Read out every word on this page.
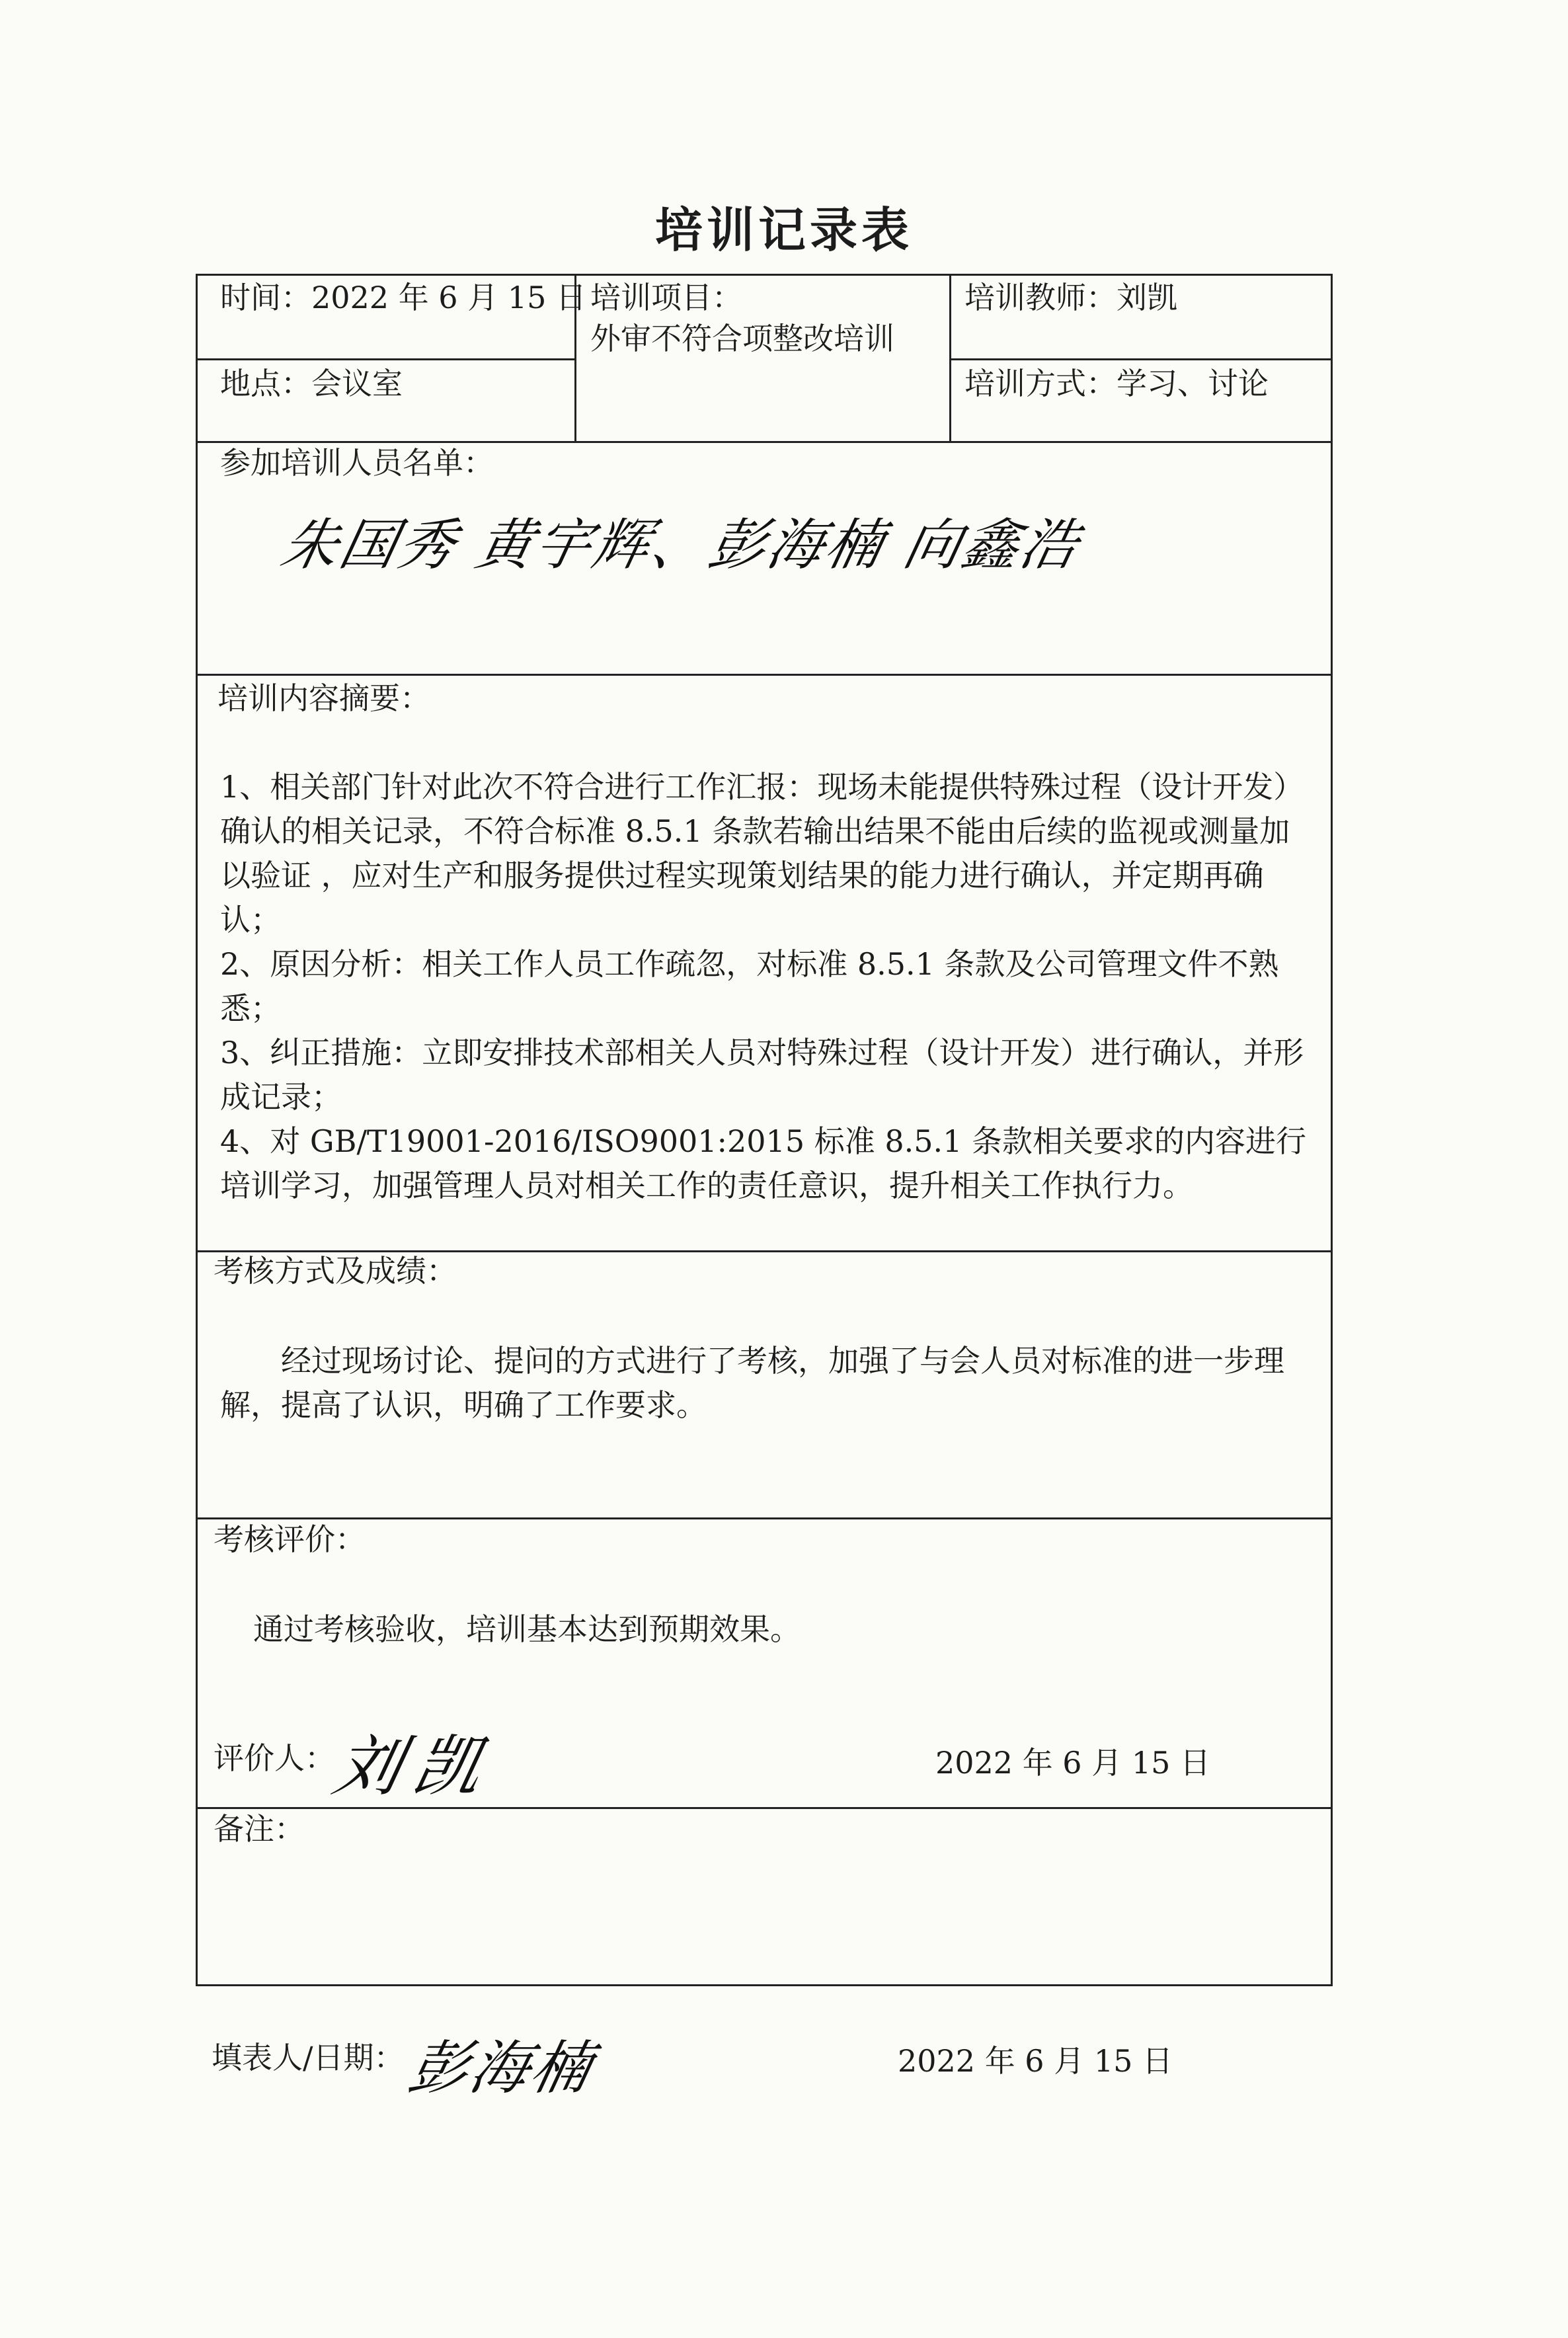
培训记录表
时间：2022 年 6 月 15 日 培训项目：
外审不符合项整改培训
培训教师：刘凯
地点：会议室	培训方式：学习、讨论
参加培训人员名单：
朱国秀 黄宇辉、彭海楠 向鑫浩
培训内容摘要：

1、相关部门针对此次不符合进行工作汇报：现场未能提供特殊过程（设计开发）确认的相关记录，不符合标准 8.5.1 条款若输出结果不能由后续的监视或测量加以验证 ，应对生产和服务提供过程实现策划结果的能力进行确认，并定期再确认；

2、原因分析：相关工作人员工作疏忽，对标准 8.5.1 条款及公司管理文件不熟悉；

3、纠正措施：立即安排技术部相关人员对特殊过程（设计开发）进行确认，并形成记录；

4、对 GB/T19001-2016/ISO9001:2015 标准 8.5.1 条款相关要求的内容进行培训学习，加强管理人员对相关工作的责任意识，提升相关工作执行力。

考核方式及成绩：
经过现场讨论、提问的方式进行了考核，加强了与会人员对标准的进一步理解，提高了认识，明确了工作要求。
考核评价：
通过考核验收，培训基本达到预期效果。
评价人：
刘凯	2022 年 6 月 15 日
备注：
填表人/日期：
彭海楠	2022 年 6 月 15 日
